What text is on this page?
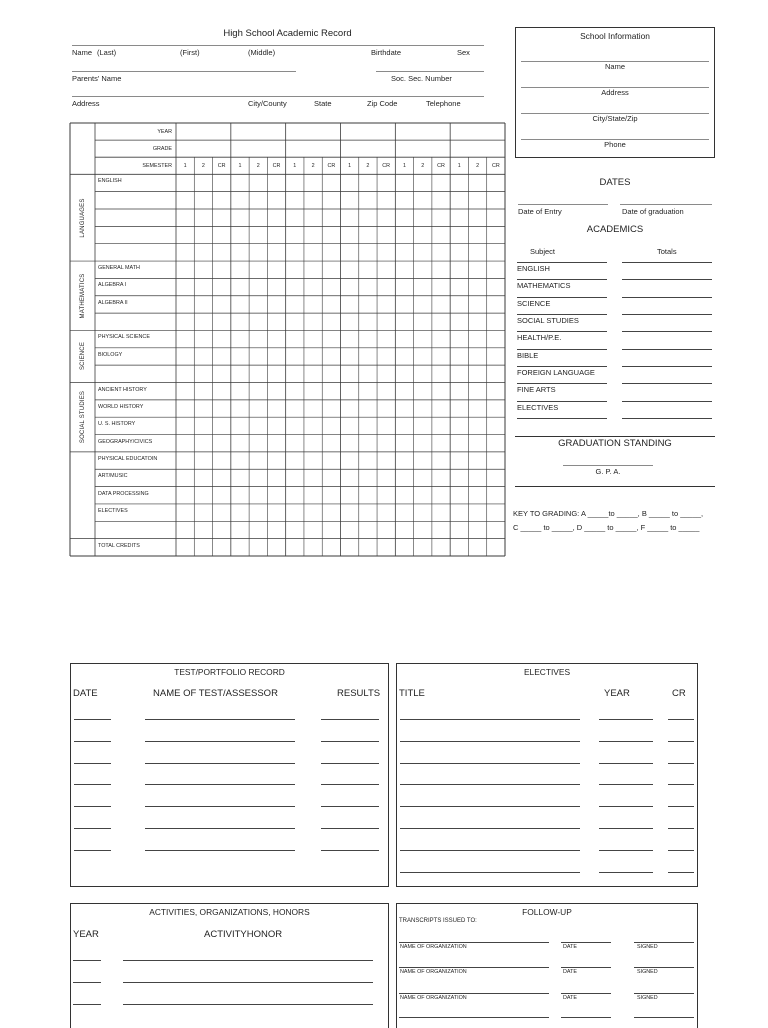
High School Academic Record
Name (Last)	(First)	(Middle)	Birthdate	Sex
Parents' Name	Soc. Sec. Number
Address	City/County	State	Zip Code	Telephone
YEAR
GRADE
SEMESTER	1	2	CR	1	2	CR	1	2	CR	1	2	CR	1	2	CR	1	2	CR
ENGLISH
LANGUAGES
GENERAL MATH
ALGEBRA I
ALGEBRA II
MATHEMATICS
PHYSICAL SCIENCE
BIOLOGY
SCIENCE
ANCIENT HISTORY
WORLD HISTORY
U. S. HISTORY
GEOGRAPHY/CIVICS
SOCIAL STUDIES
PHYSICAL EDUCATOIN
ART/MUSIC
DATA PROCESSING
ELECTIVES
TOTAL CREDITS
School Information
Name
Address
City/State/Zip
Phone
DATES
Date of Entry	Date of graduation
ACADEMICS
Subject	Totals
ENGLISH
MATHEMATICS
SCIENCE
SOCIAL STUDIES
HEALTH/P.E.
BIBLE
FOREIGN LANGUAGE
FINE ARTS
ELECTIVES
GRADUATION STANDING
G. P. A.
KEY TO GRADING: A _____to _____, B _____ to _____,
C _____ to _____, D _____ to _____, F _____ to _____
TEST/PORTFOLIO RECORD
DATE	NAME OF TEST/ASSESSOR	RESULTS
ELECTIVES
TITLE	YEAR	CR
ACTIVITIES, ORGANIZATIONS, HONORS
YEAR	ACTIVITYHONOR
FOLLOW-UP
TRANSCRIPTS ISSUED TO:
NAME OF ORGANIZATION	DATE	SIGNED
NAME OF ORGANIZATION	DATE	SIGNED
NAME OF ORGANIZATION	DATE	SIGNED
